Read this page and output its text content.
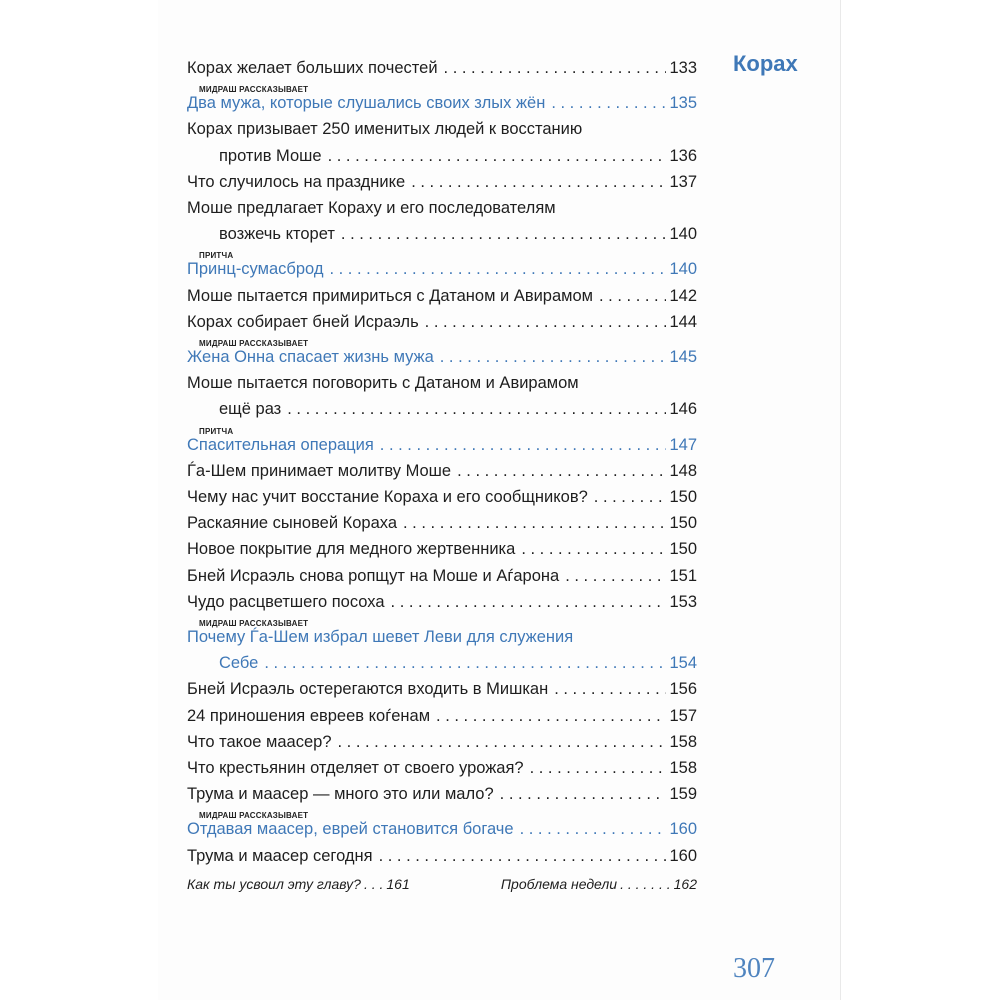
Корах желает больших почестей . . .	133
МИДРАШ РАССКАЗЫВАЕТ
Два мужа, которые слушались своих злых жён . . .	135
Корах призывает 250 именитых людей к восстанию
против Моше . . .	136
Что случилось на празднике . . .	137
Моше предлагает Кораху и его последователям
возжечь кторет . . .	140
ПРИТЧА
Принц-сумасброд . . .	140
Моше пытается примириться с Датаном и Авирамом . . .	142
Корах собирает бней Исраэль . . .	144
МИДРАШ РАССКАЗЫВАЕТ
Жена Онна спасает жизнь мужа . . .	145
Моше пытается поговорить с Датаном и Авирамом
ещё раз . . .	146
ПРИТЧА
Спасительная операция . . .	147
Ѓа-Шем принимает молитву Моше . . .	148
Чему нас учит восстание Кораха и его сообщников? . . .	150
Раскаяние сыновей Кораха . . .	150
Новое покрытие для медного жертвенника . . .	150
Бней Исраэль снова ропщут на Моше и Аѓарона . . .	151
Чудо расцветшего посоха . . .	153
МИДРАШ РАССКАЗЫВАЕТ
Почему Ѓа-Шем избрал шевет Леви для служения
Себе . . .	154
Бней Исраэль остерегаются входить в Мишкан . . .	156
24 приношения евреев коѓенам . . .	157
Что такое маасер? . . .	158
Что крестьянин отделяет от своего урожая? . . .	158
Трума и маасер — много это или мало? . . .	159
МИДРАШ РАССКАЗЫВАЕТ
Отдавая маасер, еврей становится богаче . . .	160
Трума и маасер сегодня . . .	160
Как ты усвоил эту главу? . . . 161	Проблема недели . . . . . . . 162
Корах
307
